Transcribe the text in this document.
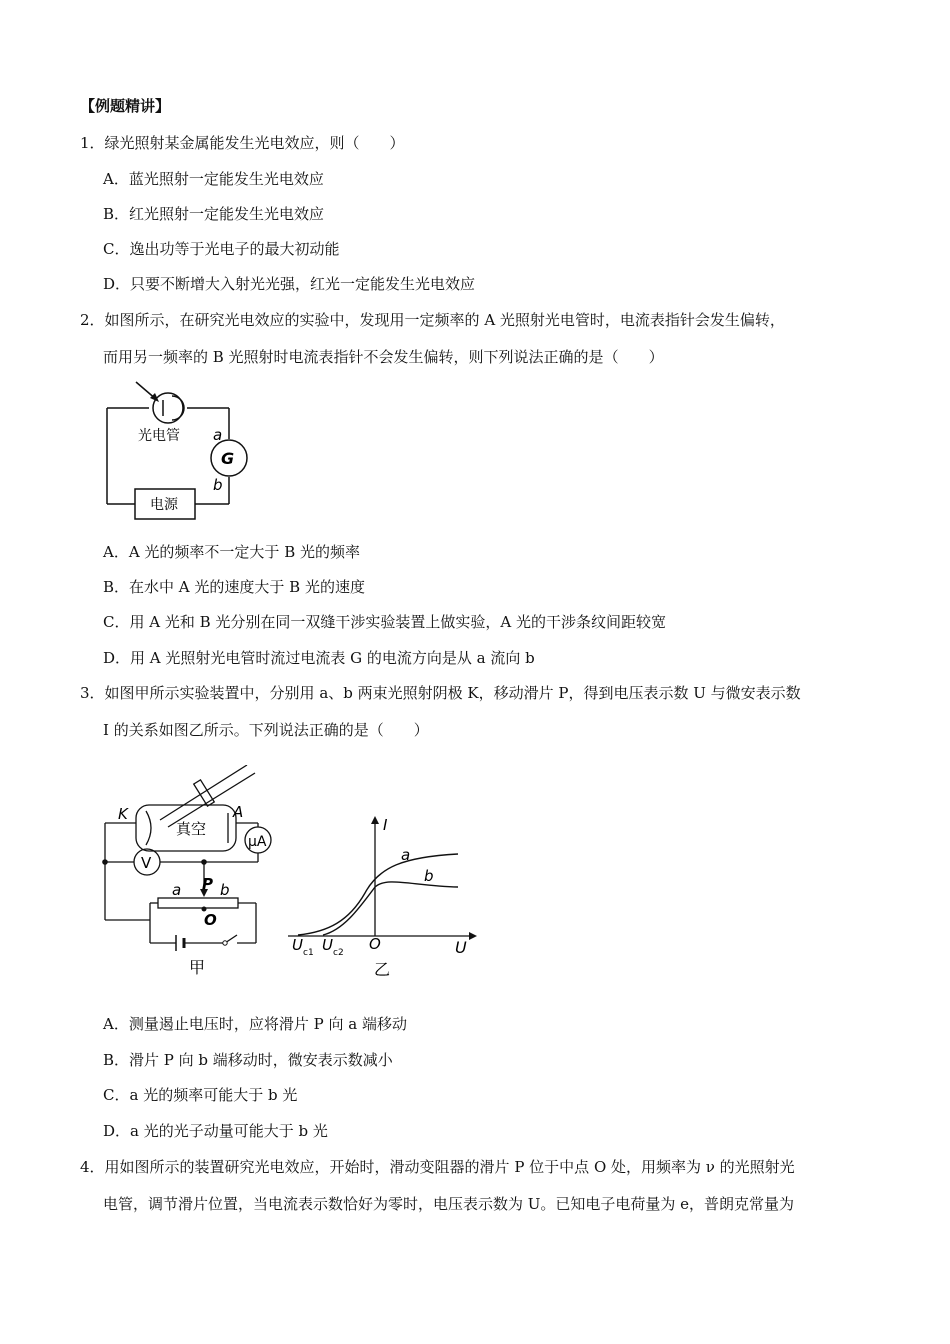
【例题精讲】
1．绿光照射某金属能发生光电效应，则（　　）
A．蓝光照射一定能发生光电效应
B．红光照射一定能发生光电效应
C．逸出功等于光电子的最大初动能
D．只要不断增大入射光光强，红光一定能发生光电效应
2．如图所示，在研究光电效应的实验中，发现用一定频率的 A 光照射光电管时，电流表指针会发生偏转，
而用另一频率的 B 光照射时电流表指针不会发生偏转，则下列说法正确的是（　　）
光电管
G
a
b
电源
A．A 光的频率不一定大于 B 光的频率
B．在水中 A 光的速度大于 B 光的速度
C．用 A 光和 B 光分别在同一双缝干涉实验装置上做实验，A 光的干涉条纹间距较宽
D．用 A 光照射光电管时流过电流表 G 的电流方向是从 a 流向 b
3．如图甲所示实验装置中，分别用 a、b 两束光照射阴极 K，移动滑片 P，得到电压表示数 U 与微安表示数
I 的关系如图乙所示。下列说法正确的是（　　）
K	A
真空
μA
V
a P b
O
甲
I
U
O
U c1 U c2
a
b
乙
A．测量遏止电压时，应将滑片 P 向 a 端移动
B．滑片 P 向 b 端移动时，微安表示数减小
C．a 光的频率可能大于 b 光
D．a 光的光子动量可能大于 b 光
4．用如图所示的装置研究光电效应，开始时，滑动变阻器的滑片 P 位于中点 O 处，用频率为 ν 的光照射光
电管，调节滑片位置，当电流表示数恰好为零时，电压表示数为 U。已知电子电荷量为 e，普朗克常量为
